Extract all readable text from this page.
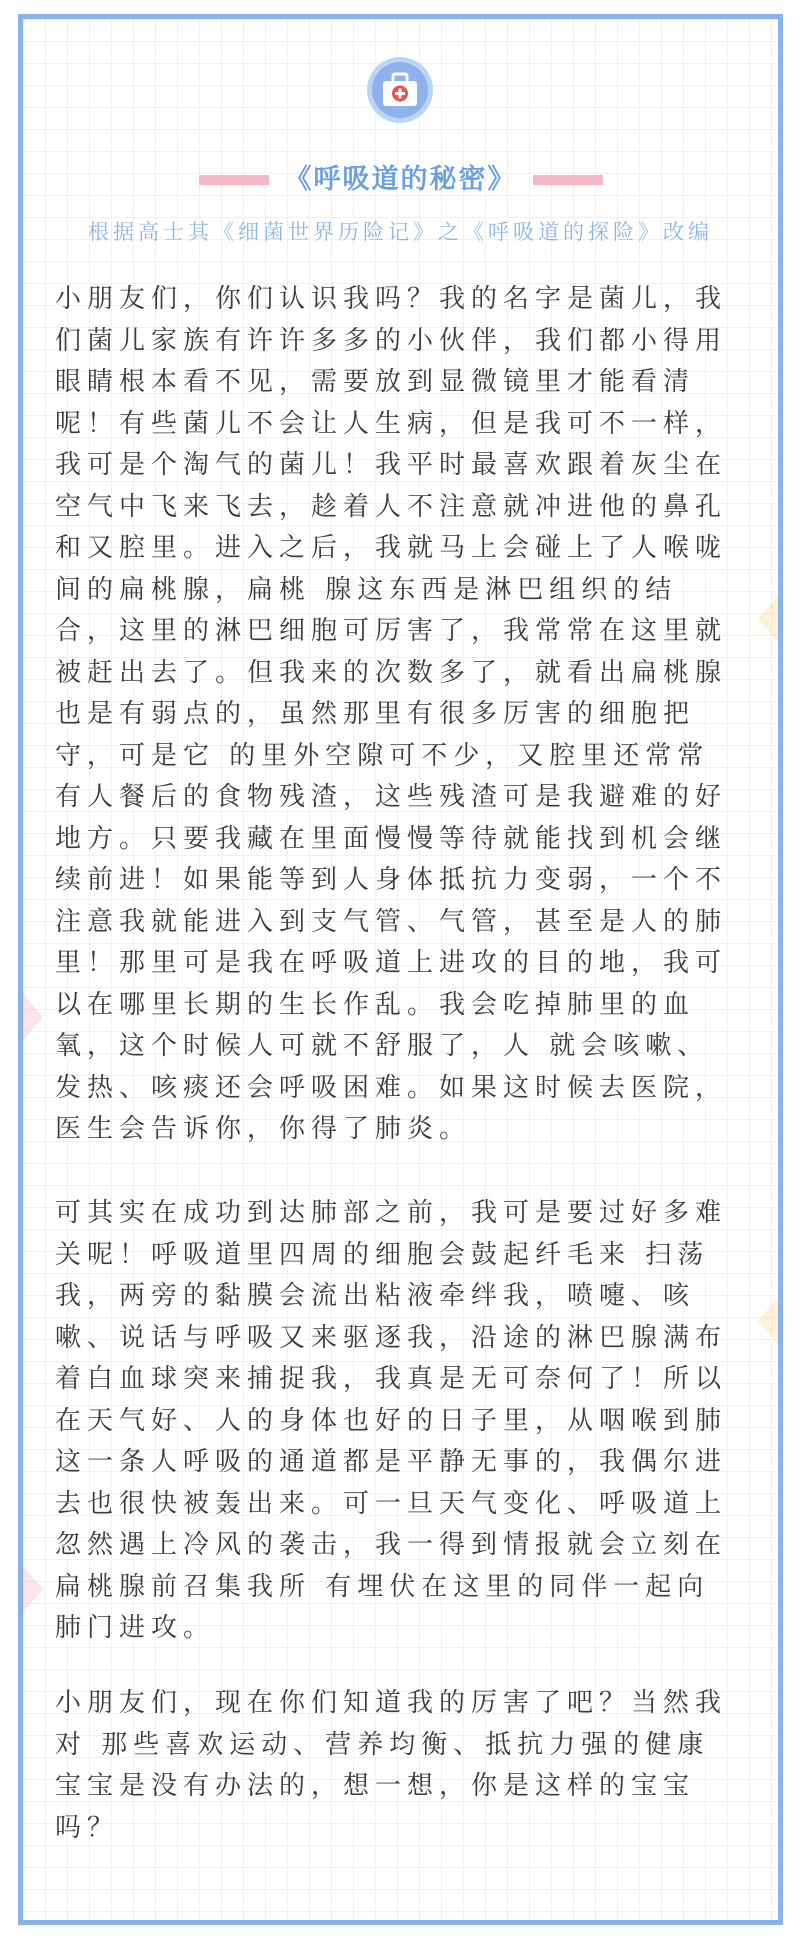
《呼吸道的秘密》
根据高士其《细菌世界历险记》之《呼吸道的探险》改编
小朋友们，你们认识我吗？我的名字是菌儿，我
们菌儿家族有许许多多的小伙伴，我们都小得用
眼睛根本看不见，需要放到显微镜里才能看清
呢！有些菌儿不会让人生病，但是我可不一样，
我可是个淘气的菌儿！我平时最喜欢跟着灰尘在
空气中飞来飞去，趁着人不注意就冲进他的鼻孔
和又腔里。进入之后，我就马上会碰上了人喉咙
间的扁桃腺，扁桃 腺这东西是淋巴组织的结
合，这里的淋巴细胞可厉害了，我常常在这里就
被赶出去了。但我来的次数多了，就看出扁桃腺
也是有弱点的，虽然那里有很多厉害的细胞把
守，可是它 的里外空隙可不少，又腔里还常常
有人餐后的食物残渣，这些残渣可是我避难的好
地方。只要我藏在里面慢慢等待就能找到机会继
续前进！如果能等到人身体抵抗力变弱，一个不
注意我就能进入到支气管、气管，甚至是人的肺
里！那里可是我在呼吸道上进攻的目的地，我可
以在哪里长期的生长作乱。我会吃掉肺里的血
氧，这个时候人可就不舒服了，人 就会咳嗽、
发热、咳痰还会呼吸困难。如果这时候去医院，
医生会告诉你，你得了肺炎。
可其实在成功到达肺部之前，我可是要过好多难
关呢！呼吸道里四周的细胞会鼓起纤毛来 扫荡
我，两旁的黏膜会流出粘液牵绊我，喷嚏、咳
嗽、说话与呼吸又来驱逐我，沿途的淋巴腺满布
着白血球突来捕捉我，我真是无可奈何了！所以
在天气好、人的身体也好的日子里，从咽喉到肺
这一条人呼吸的通道都是平静无事的，我偶尔进
去也很快被轰出来。可一旦天气变化、呼吸道上
忽然遇上冷风的袭击，我一得到情报就会立刻在
扁桃腺前召集我所 有埋伏在这里的同伴一起向
肺门进攻。
小朋友们，现在你们知道我的厉害了吧？当然我
对 那些喜欢运动、营养均衡、抵抗力强的健康
宝宝是没有办法的，想一想，你是这样的宝宝
吗？
